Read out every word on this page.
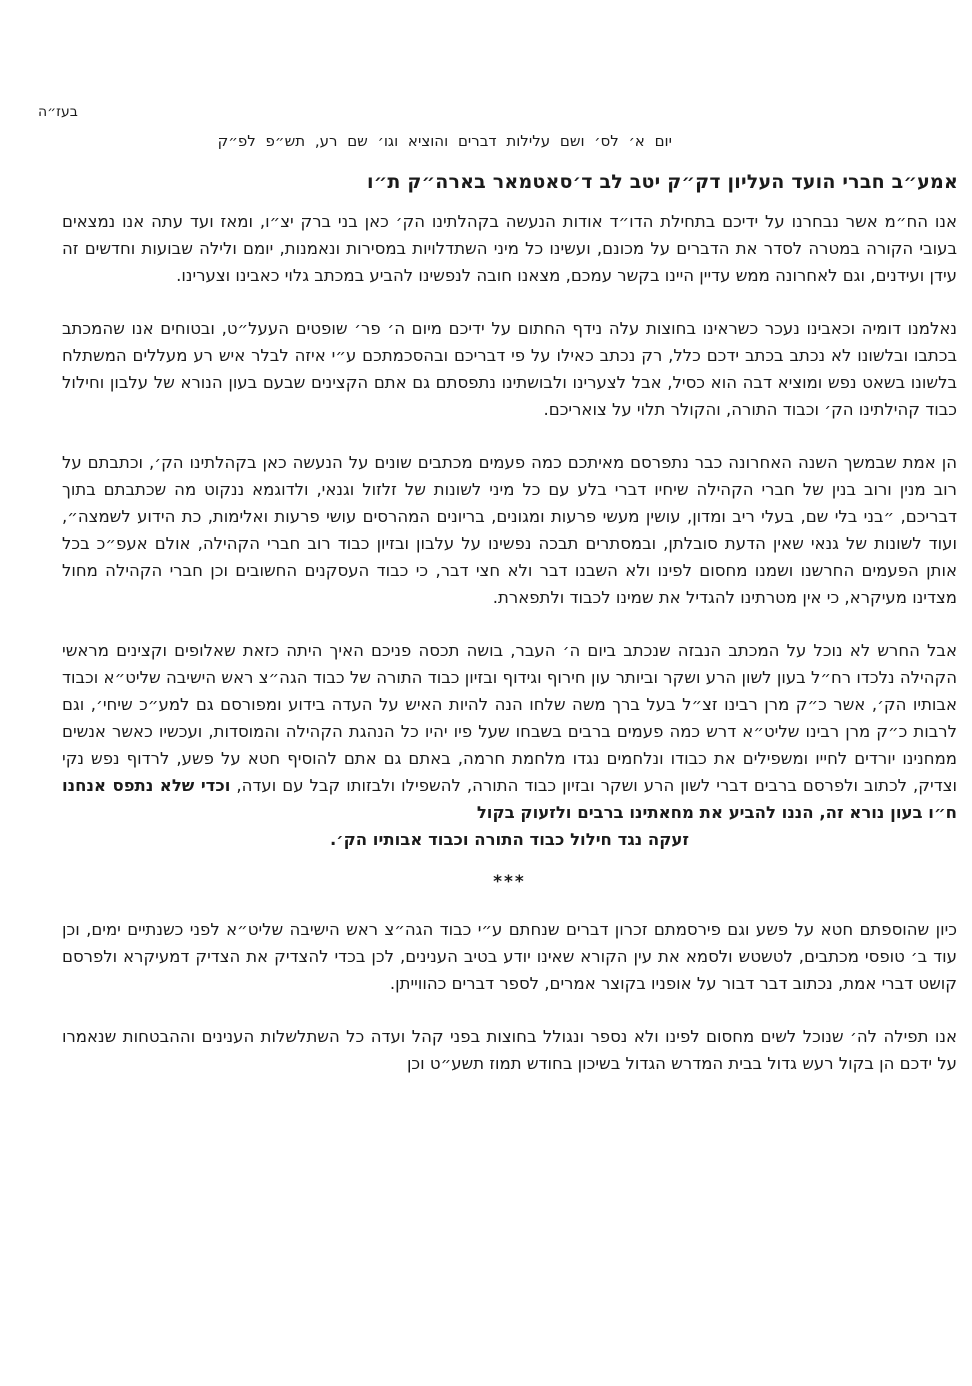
בעז״ה
יום א׳ לס׳ ושם עלילות דברים והוציא וגו׳ שם רע, תש״פ לפ״ק
אמע״ב חברי הועד העליון דק״ק יטב לב ד׳סאטמאר בארה״ק ת״ו

אנו הח״מ אשר נבחרנו על ידיכם בתחילת הדו״ד אודות הנעשה בקהלתינו הק׳ כאן בני ברק יצ״ו, ומאז ועד עתה אנו נמצאים בעובי הקורה במטרה לסדר את הדברים על מכונם, ועשינו כל מיני השתדלויות במסירות ונאמנות, יומם ולילה שבועות וחדשים זה עידן ועידנים, וגם לאחרונה ממש עדיין היינו בקשר עמכם, מצאנו חובה לנפשינו להביע במכתב גלוי כאבינו וצערינו.

נאלמנו דומיה וכאבינו נעכר כשראינו בחוצות עלה נידף החתום על ידיכם מיום ה׳ פר׳ שופטים העעל״ט, ובטוחים אנו שהמכתב בכתבו ובלשונו לא נכתב בכתב ידכם כלל, רק נכתב כאילו על פי דבריכם ובהסכמתכם ע״י איזה לבלר איש רע מעללים המשתלח בלשונו בשאט נפש ומוציא דבה הוא כסיל, אבל לצערינו ולבושתינו נתפסתם גם אתם הקצינים שבעם בעון הנורא של עלבון וחילול כבוד קהילתינו הק׳ וכבוד התורה, והקולר תלוי על צואריכם.

הן אמת שבמשך השנה האחרונה כבר נתפרסם מאיתכם כמה פעמים מכתבים שונים על הנעשה כאן בקהלתינו הק׳, וכתבתם על רוב מנין ורוב בנין של חברי הקהילה שיחיו דברי בלע עם כל מיני לשונות של זלזול וגנאי, ולדוגמא ננקוט מה שכתבתם בתוך דבריכם, ״בני בלי שם, בעלי ריב ומדון, עושין מעשי פרעות ומגונים, בריונים המהרסים עושי פרעות ואלימות, כת הידוע לשמצה״, ועוד לשונות של גנאי שאין הדעת סובלתן, ובמסתרים תבכה נפשינו על עלבון ובזיון כבוד רוב חברי הקהילה, אולם אעפ״כ בכל אותן הפעמים החרשנו ושמנו מחסום לפינו ולא השבנו דבר ולא חצי דבר, כי כבוד העסקנים החשובים וכן חברי הקהילה מחול מצדינו מעיקרא, כי אין מטרתינו להגדיל את שמינו לכבוד ולתפארת.

אבל החרש לא נוכל על המכתב הנבזה שנכתב ביום ה׳ העבר, בושה תכסה פניכם האיך היתה כזאת שאלופים וקצינים מראשי הקהילה נלכדו רח״ל בעון לשון הרע ושקר וביותר עון חירוף וגידוף ובזיון כבוד התורה של כבוד הגה״צ ראש הישיבה שליט״א וכבוד אבותיו הק׳, אשר כ״ק מרן רבינו זצ״ל בעל ברך משה שלחו הנה להיות האיש על העדה בידוע ומפורסם גם למע״כ שיחי׳, וגם לרבות כ״ק מרן רבינו שליט״א דרש כמה פעמים ברבים בשבחו שעל פיו יהיו כל הנהגת הקהילה והמוסדות, ועכשיו כאשר אנשים ממחנינו יורדים לחייו ומשפילים את כבודו ונלחמים נגדו מלחמת חרמה, באתם גם אתם להוסיף חטא על פשע, לרדוף נפש נקי וצדיק, לכתוב ולפרסם ברבים דברי לשון הרע ושקר ובזיון כבוד התורה, להשפילו ולבזותו קבל עם ועדה, וכדי שלא נתפס אנחנו ח״ו בעון נורא זה, הננו להביע את מחאתינו ברבים ולזעוק בקול

זעקה נגד חילול כבוד התורה וכבוד אבותיו הק׳.

***

כיון שהוספתם חטא על פשע וגם פירסמתם זכרון דברים שנחתם ע״י כבוד הגה״צ ראש הישיבה שליט״א לפני כשנתיים ימים, וכן עוד ב׳ טופסי מכתבים, לטשטש ולסמא את עין הקורא שאינו יודע בטיב הענינים, לכן בכדי להצדיק את הצדיק דמעיקרא ולפרסם קושט דברי אמת, נכתוב דבר דבור על אופניו בקוצר אמרים, לספר דברים כהווייתן.

אנו תפילה לה׳ שנוכל לשים מחסום לפינו ולא נספר ונגולל בחוצות בפני קהל ועדה כל השתלשלות הענינים וההבטחות שנאמרו על ידכם הן בקול רעש גדול בבית המדרש הגדול בשיכון בחודש תמוז תשע״ט וכן
